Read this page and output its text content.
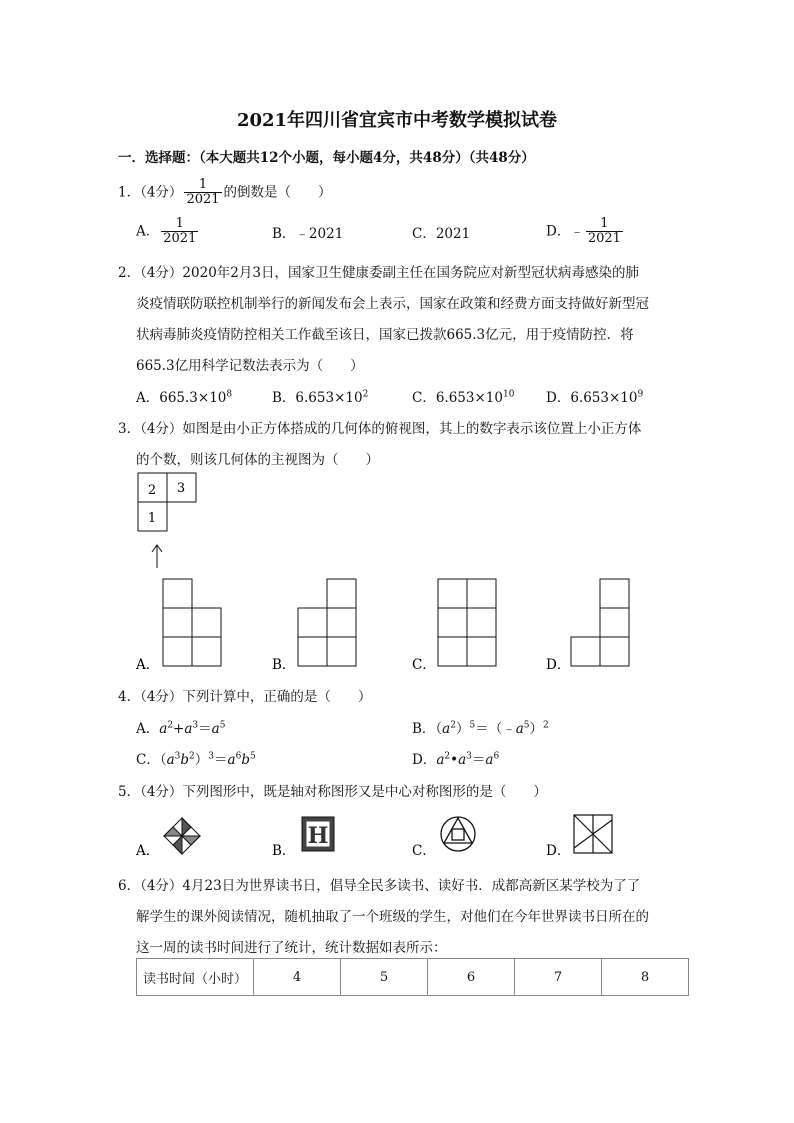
2021年四川省宜宾市中考数学模拟试卷
一．选择题：（本大题共12个小题，每小题4分，共48分）（共48分）
1．（4分） $\frac{1}{2021}$ 的倒数是（　　）
A． $\frac{1}{2021}$	B．﹣2021	C．2021	D．﹣ $\frac{1}{2021}$
2．（4分）2020年2月3日，国家卫生健康委副主任在国务院应对新型冠状病毒感染的肺
炎疫情联防联控机制举行的新闻发布会上表示，国家在政策和经费方面支持做好新型冠
状病毒肺炎疫情防控相关工作截至该日，国家已拨款665.3亿元，用于疫情防控．将
665.3亿用科学记数法表示为（　　）
A．$665.3\times 10^8$	B．$6.653\times 10^2$	C．$6.653\times 10^{10}$ D．$6.653\times 10^9$
3．（4分）如图是由小正方体搭成的几何体的俯视图，其上的数字表示该位置上小正方体
的个数，则该几何体的主视图为（　　）
2 3
1
A．	B．	C．	D．
4．（4分）下列计算中，正确的是（　　）
A．$a^2+a^3=a^5$	B．$(a^2)^5=(﹣a^5)^2$
C．$(a^3b^2)^3=a^6b^5$	D．$a^2•a^3=a^6$
5．（4分）下列图形中，既是轴对称图形又是中心对称图形的是（　　）
H
A．	B．	C．	D．
6．（4分）4月23日为世界读书日，倡导全民多读书、读好书．成都高新区某学校为了了
解学生的课外阅读情况，随机抽取了一个班级的学生，对他们在今年世界读书日所在的
这一周的读书时间进行了统计，统计数据如表所示：
读书时间（小时）	4	5	6	7	8
